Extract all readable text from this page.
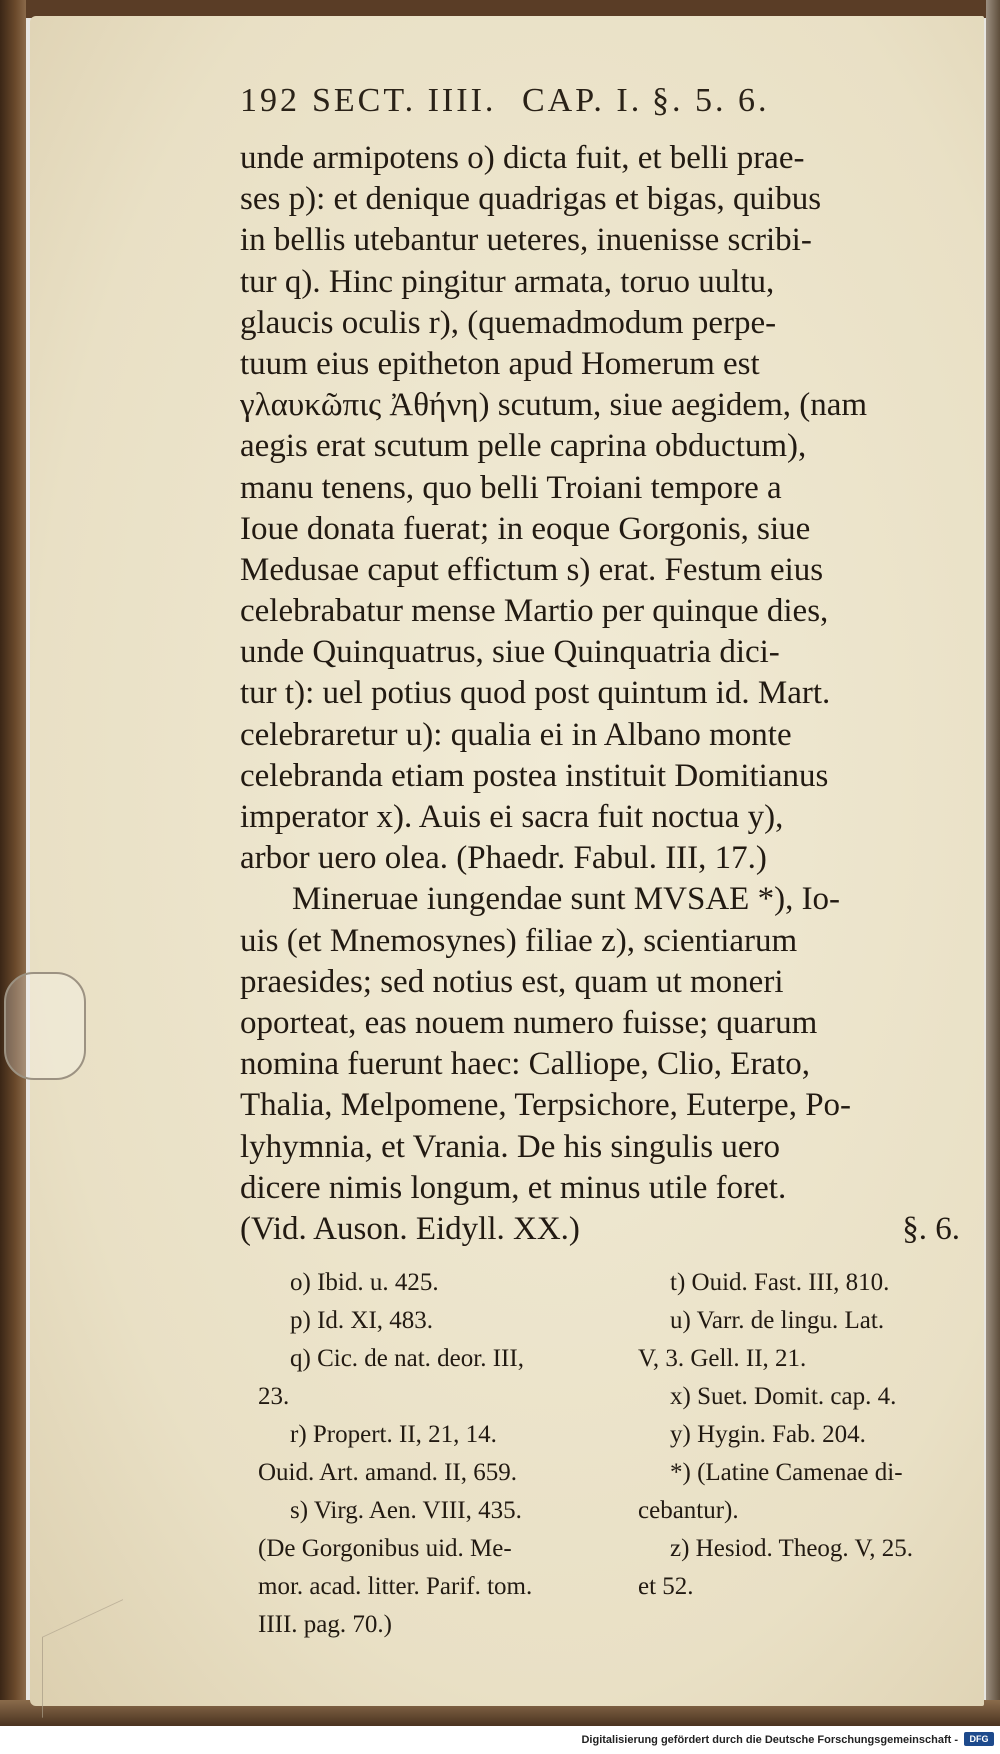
192 SECT. IIII. CAP. I. §. 5. 6.
unde armipotens o) dicta fuit, et belli prae-
ses p): et denique quadrigas et bigas, quibus
in bellis utebantur ueteres, inuenisse scribi-
tur q). Hinc pingitur armata, toruo uultu,
glaucis oculis r), (quemadmodum perpe-
tuum eius epitheton apud Homerum est
γλαυκῶπις Ἀθήνη) scutum, siue aegidem, (nam
aegis erat scutum pelle caprina obductum),
manu tenens, quo belli Troiani tempore a
Ioue donata fuerat; in eoque Gorgonis, siue
Medusae caput effictum s) erat. Festum eius
celebrabatur mense Martio per quinque dies,
unde Quinquatrus, siue Quinquatria dici-
tur t): uel potius quod post quintum id. Mart.
celebraretur u): qualia ei in Albano monte
celebranda etiam postea instituit Domitianus
imperator x). Auis ei sacra fuit noctua y),
arbor uero olea. (Phaedr. Fabul. III, 17.)
Mineruae iungendae sunt MVSAE *), Io-
uis (et Mnemosynes) filiae z), scientiarum
praesides; sed notius est, quam ut moneri
oporteat, eas nouem numero fuisse; quarum
nomina fuerunt haec: Calliope, Clio, Erato,
Thalia, Melpomene, Terpsichore, Euterpe, Po-
lyhymnia, et Vrania. De his singulis uero
dicere nimis longum, et minus utile foret.
(Vid. Auson. Eidyll. XX.)	§. 6.
o) Ibid. u. 425.
p) Id. XI, 483.
q) Cic. de nat. deor. III,
23.
r) Propert. II, 21, 14.
Ouid. Art. amand. II, 659.
s) Virg. Aen. VIII, 435.
(De Gorgonibus uid. Me-
mor. acad. litter. Parif. tom.
IIII. pag. 70.)
t) Ouid. Fast. III, 810.
u) Varr. de lingu. Lat.
V, 3. Gell. II, 21.
x) Suet. Domit. cap. 4.
y) Hygin. Fab. 204.
*) (Latine Camenae di-
cebantur).
z) Hesiod. Theog. V, 25.
et 52.
Digitalisierung gefördert durch die Deutsche Forschungsgemeinschaft -	DFG
